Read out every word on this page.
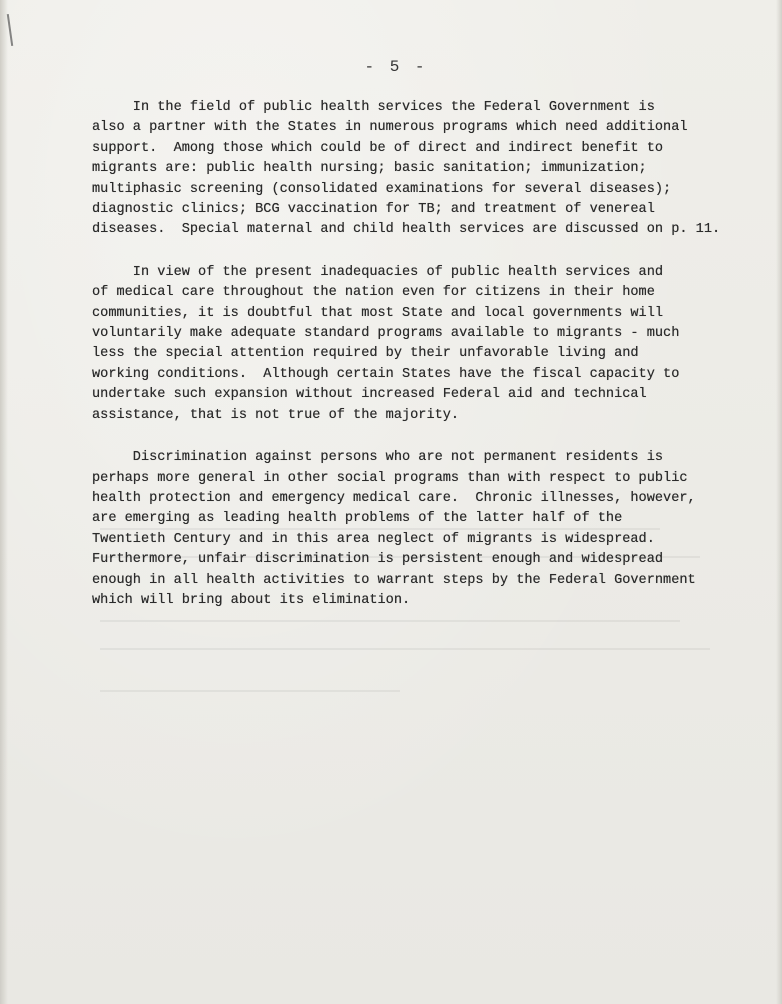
- 5 -

In the field of public health services the Federal Government is
also a partner with the States in numerous programs which need additional
support.  Among those which could be of direct and indirect benefit to
migrants are: public health nursing; basic sanitation; immunization;
multiphasic screening (consolidated examinations for several diseases);
diagnostic clinics; BCG vaccination for TB; and treatment of venereal
diseases.  Special maternal and child health services are discussed on p. 11.

In view of the present inadequacies of public health services and
of medical care throughout the nation even for citizens in their home
communities, it is doubtful that most State and local governments will
voluntarily make adequate standard programs available to migrants - much
less the special attention required by their unfavorable living and
working conditions.  Although certain States have the fiscal capacity to
undertake such expansion without increased Federal aid and technical
assistance, that is not true of the majority.

Discrimination against persons who are not permanent residents is
perhaps more general in other social programs than with respect to public
health protection and emergency medical care.  Chronic illnesses, however,
are emerging as leading health problems of the latter half of the
Twentieth Century and in this area neglect of migrants is widespread.
Furthermore, unfair discrimination is persistent enough and widespread
enough in all health activities to warrant steps by the Federal Government
which will bring about its elimination.
